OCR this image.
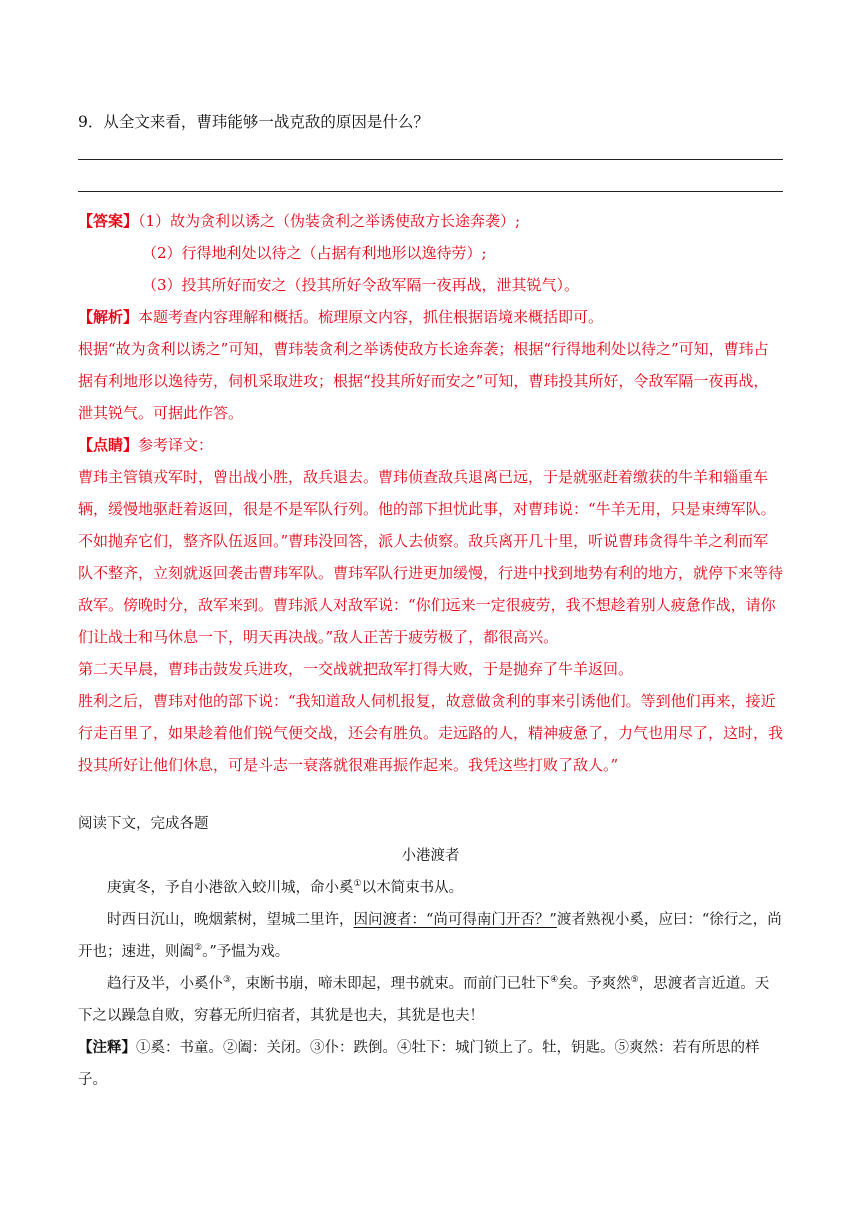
9．从全文来看，曹玮能够一战克敌的原因是什么？

【答案】（1）故为贪利以诱之（伪装贪利之举诱使敌方长途奔袭）;

（2）行得地利处以待之（占据有利地形以逸待劳）;

（3）投其所好而安之（投其所好令敌军隔一夜再战，泄其锐气）。

【解析】本题考查内容理解和概括。梳理原文内容，抓住根据语境来概括即可。

根据“故为贪利以诱之”可知，曹玮装贪利之举诱使敌方长途奔袭；根据“行得地利处以待之”可知，曹玮占据有利地形以逸待劳，伺机采取进攻；根据“投其所好而安之”可知，曹玮投其所好，令敌军隔一夜再战，泄其锐气。可据此作答。

【点睛】参考译文：

曹玮主管镇戎军时，曾出战小胜，敌兵退去。曹玮侦查敌兵退离已远，于是就驱赶着缴获的牛羊和辎重车辆，缓慢地驱赶着返回，很是不是军队行列。他的部下担忧此事，对曹玮说：“牛羊无用，只是束缚军队。不如抛弃它们，整齐队伍返回。”曹玮没回答，派人去侦察。敌兵离开几十里，听说曹玮贪得牛羊之利而军队不整齐，立刻就返回袭击曹玮军队。曹玮军队行进更加缓慢，行进中找到地势有利的地方，就停下来等待敌军。傍晚时分，敌军来到。曹玮派人对敌军说：“你们远来一定很疲劳，我不想趁着别人疲惫作战，请你们让战士和马休息一下，明天再决战。”敌人正苦于疲劳极了，都很高兴。

第二天早晨，曹玮击鼓发兵进攻，一交战就把敌军打得大败，于是抛弃了牛羊返回。

胜利之后，曹玮对他的部下说：“我知道敌人伺机报复，故意做贪利的事来引诱他们。等到他们再来，接近行走百里了，如果趁着他们锐气便交战，还会有胜负。走远路的人，精神疲惫了，力气也用尽了，这时，我投其所好让他们休息，可是斗志一衰落就很难再振作起来。我凭这些打败了敌人。”

阅读下文，完成各题

小港渡者

庚寅冬，予自小港欲入蛟川城，命小奚①以木简束书从。

时西日沉山，晚烟萦树，望城二里许，因问渡者：“尚可得南门开否？”渡者熟视小奚，应曰：“徐行之，尚开也；速进，则阖②。”予愠为戏。

趋行及半，小奚仆③，束断书崩，啼未即起，理书就束。而前门已牡下④矣。予爽然⑤，思渡者言近道。天下之以躁急自败，穷暮无所归宿者，其犹是也夫，其犹是也夫！

【注释】①奚：书童。②阖：关闭。③仆：跌倒。④牡下：城门锁上了。牡，钥匙。⑤爽然：若有所思的样子。
